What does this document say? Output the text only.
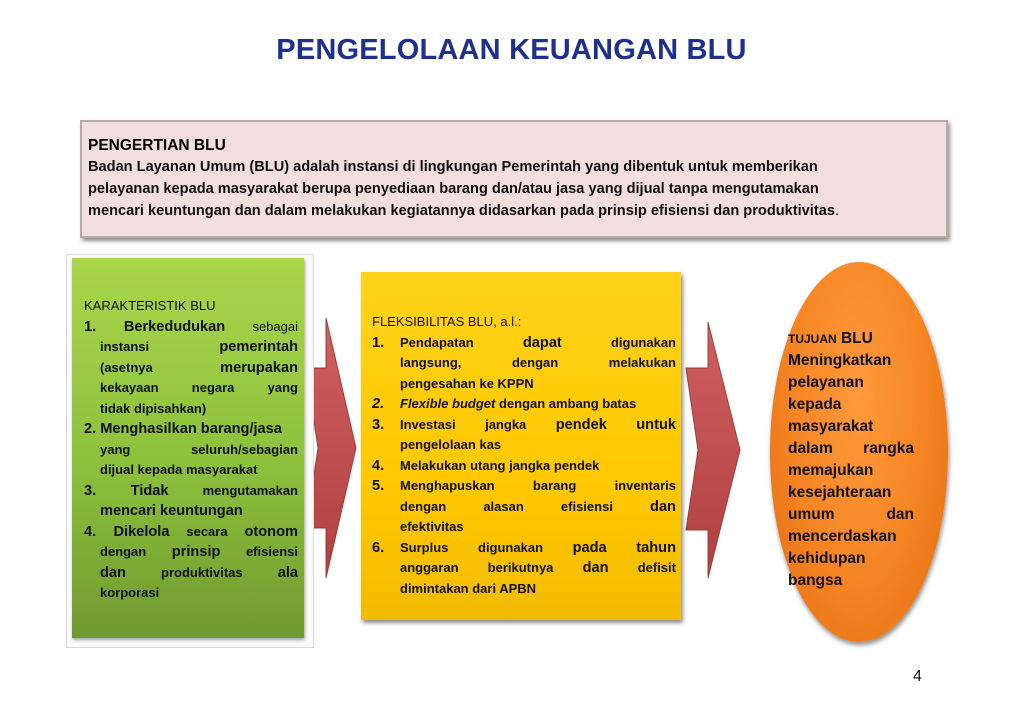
PENGELOLAAN KEUANGAN BLU
PENGERTIAN BLU
Badan Layanan Umum (BLU) adalah instansi di lingkungan Pemerintah yang dibentuk untuk memberikan
pelayanan kepada masyarakat berupa penyediaan barang dan/atau jasa yang dijual tanpa mengutamakan
mencari keuntungan dan dalam melakukan kegiatannya didasarkan pada prinsip efisiensi dan produktivitas.

KARAKTERISTIK BLU

1. Berkedudukan sebagai

instansi	pemerintah

(asetnya	merupakan

kekayaan	negara	yang

tidak dipisahkan)

2. Menghasilkan barang/jasa

yang	seluruh/sebagian

dijual kepada masyarakat

3. Tidak	mengutamakan

mencari keuntungan

4. Dikelola secara otonom

dengan prinsip efisiensi

dan	produktivitas ala

korporasi

FLEKSIBILITAS BLU, a.l.:
1.	Pendapatan	dapat	digunakan
langsung,	dengan	melakukan
pengesahan ke KPPN
2.	Flexible budget dengan ambang batas
3.	Investasi jangka pendek untuk
pengelolaan kas
4.	Melakukan utang jangka pendek
5.	Menghapuskan	barang	inventaris
dengan	alasan	efisiensi	dan
efektivitas
6.	Surplus digunakan pada tahun
anggaran berikutnya dan defisit
dimintakan dari APBN
TUJUAN BLU
Meningkatkan
pelayanan
kepada
masyarakat
dalam rangka
memajukan
kesejahteraan
umum	dan
mencerdaskan
kehidupan
bangsa
4
